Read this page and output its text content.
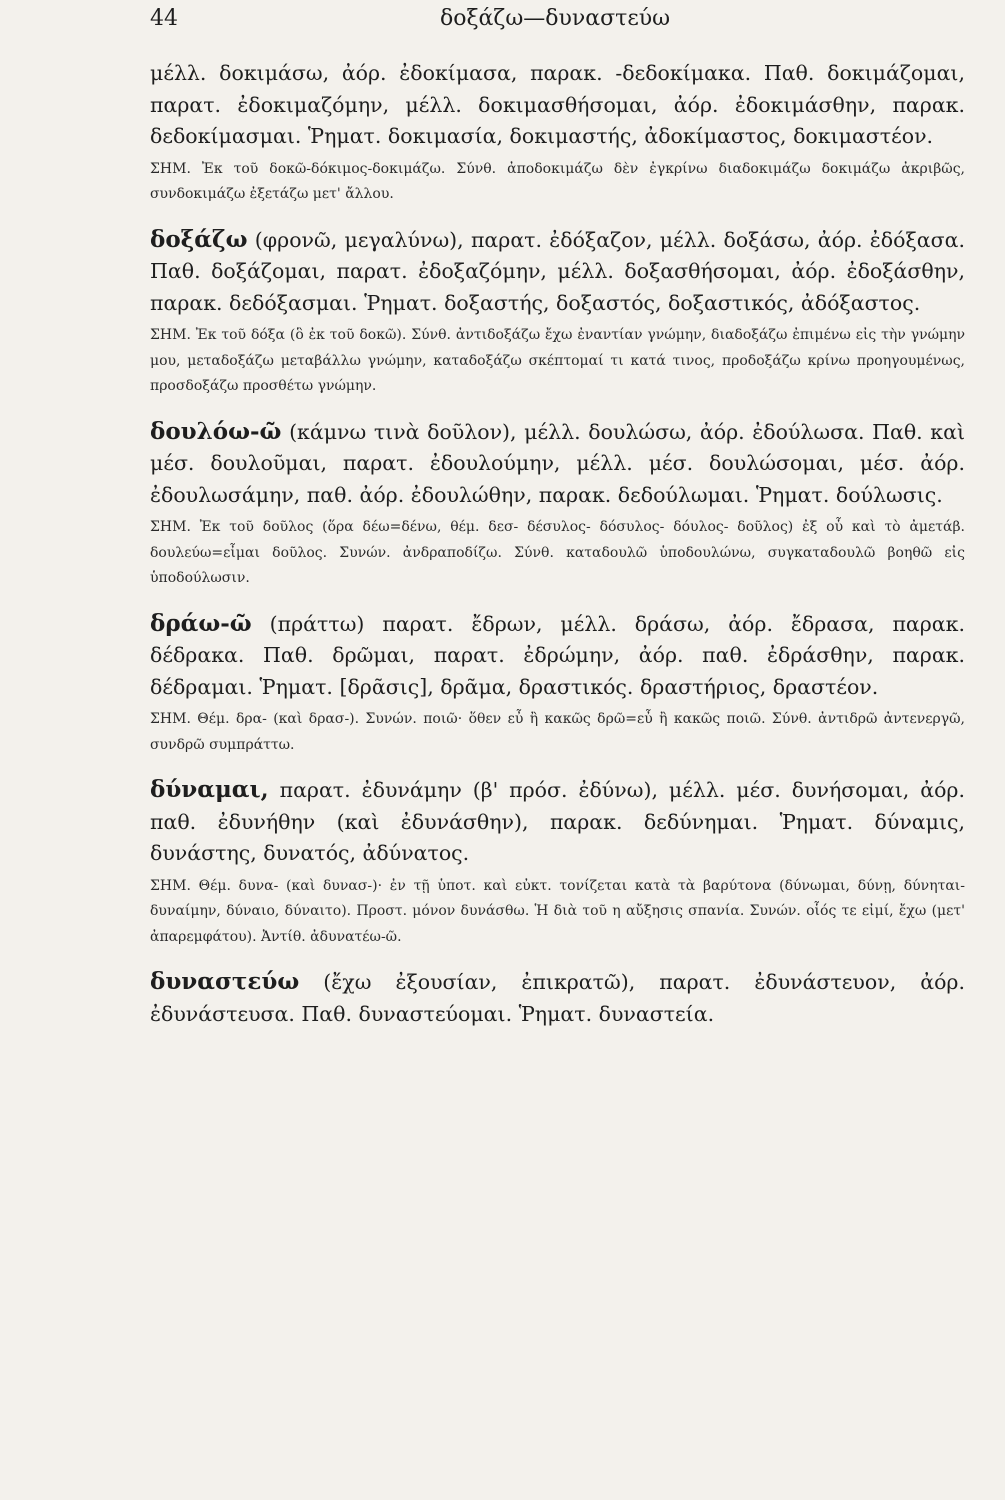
44	δοξάζω—δυναστεύω

μέλλ. δοκιμάσω, ἀόρ. ἐδοκίμασα, παρακ. -δεδοκίμακα. Παθ. δοκιμάζομαι, παρατ. ἐδοκιμαζόμην, μέλλ. δοκιμασθήσομαι, ἀόρ. ἐδοκιμάσθην, παρακ. δεδοκίμασμαι. Ῥηματ. δοκιμασία, δοκιμαστής, ἀδοκίμαστος, δοκιμαστέον.

ΣΗΜ. Ἐκ τοῦ δοκῶ-δόκιμος-δοκιμάζω. Σύνθ. ἀποδοκιμάζω δὲν ἐγκρίνω διαδοκιμάζω δοκιμάζω ἀκριβῶς, συνδοκιμάζω ἐξετάζω μετ' ἄλλου.

δοξάζω (φρονῶ, μεγαλύνω), παρατ. ἐδόξαζον, μέλλ. δοξάσω, ἀόρ. ἐδόξασα. Παθ. δοξάζομαι, παρατ. ἐδοξαζόμην, μέλλ. δοξασθήσομαι, ἀόρ. ἐδοξάσθην, παρακ. δεδόξασμαι. Ῥηματ. δοξαστής, δοξαστός, δοξαστικός, ἀδόξαστος.

ΣΗΜ. Ἐκ τοῦ δόξα (ὃ ἐκ τοῦ δοκῶ). Σύνθ. ἀντιδοξάζω ἔχω ἐναντίαν γνώμην, διαδοξάζω ἐπιμένω εἰς τὴν γνώμην μου, μεταδοξάζω μεταβάλλω γνώμην, καταδοξάζω σκέπτομαί τι κατά τινος, προδοξάζω κρίνω προηγουμένως, προσδοξάζω προσθέτω γνώμην.

δουλόω-ῶ (κάμνω τινὰ δοῦλον), μέλλ. δουλώσω, ἀόρ. ἐδούλωσα. Παθ. καὶ μέσ. δουλοῦμαι, παρατ. ἐδουλούμην, μέλλ. μέσ. δουλώσομαι, μέσ. ἀόρ. ἐδουλωσάμην, παθ. ἀόρ. ἐδουλώθην, παρακ. δεδούλωμαι. Ῥηματ. δούλωσις.

ΣΗΜ. Ἐκ τοῦ δοῦλος (ὅρα δέω=δένω, θέμ. δεσ- δέσυλος- δόσυλος- δόυλος- δοῦλος) ἐξ οὗ καὶ τὸ ἀμετάβ. δουλεύω=εἶμαι δοῦλος. Συνών. ἀνδραποδίζω. Σύνθ. καταδουλῶ ὑποδουλώνω, συγκαταδουλῶ βοηθῶ εἰς ὑποδούλωσιν.

δράω-ῶ (πράττω) παρατ. ἔδρων, μέλλ. δράσω, ἀόρ. ἔδρασα, παρακ. δέδρακα. Παθ. δρῶμαι, παρατ. ἐδρώμην, ἀόρ. παθ. ἐδράσθην, παρακ. δέδραμαι. Ῥηματ. [δρᾶσις], δρᾶμα, δραστικός. δραστήριος, δραστέον.

ΣΗΜ. Θέμ. δρα- (καὶ δρασ-). Συνών. ποιῶ· ὅθεν εὖ ἢ κακῶς δρῶ=εὖ ἢ κακῶς ποιῶ. Σύνθ. ἀντιδρῶ ἀντενεργῶ, συνδρῶ συμπράττω.

δύναμαι, παρατ. ἐδυνάμην (β' πρόσ. ἐδύνω), μέλλ. μέσ. δυνήσομαι, ἀόρ. παθ. ἐδυνήθην (καὶ ἐδυνάσθην), παρακ. δεδύνημαι. Ῥηματ. δύναμις, δυνάστης, δυνατός, ἀδύνατος.

ΣΗΜ. Θέμ. δυνα- (καὶ δυνασ-)· ἐν τῇ ὑποτ. καὶ εὐκτ. τονίζεται κατὰ τὰ βαρύτονα (δύνωμαι, δύνῃ, δύνηται- δυναίμην, δύναιο, δύναιτο). Προστ. μόνον δυνάσθω. Ἡ διὰ τοῦ η αὔξησις σπανία. Συνών. οἷός τε εἰμί, ἔχω (μετ' ἀπαρεμφάτου). Ἀντίθ. ἀδυνατέω-ῶ.

δυναστεύω (ἔχω ἐξουσίαν, ἐπικρατῶ), παρατ. ἐδυνάστευον, ἀόρ. ἐδυνάστευσα. Παθ. δυναστεύομαι. Ῥηματ. δυναστεία.
